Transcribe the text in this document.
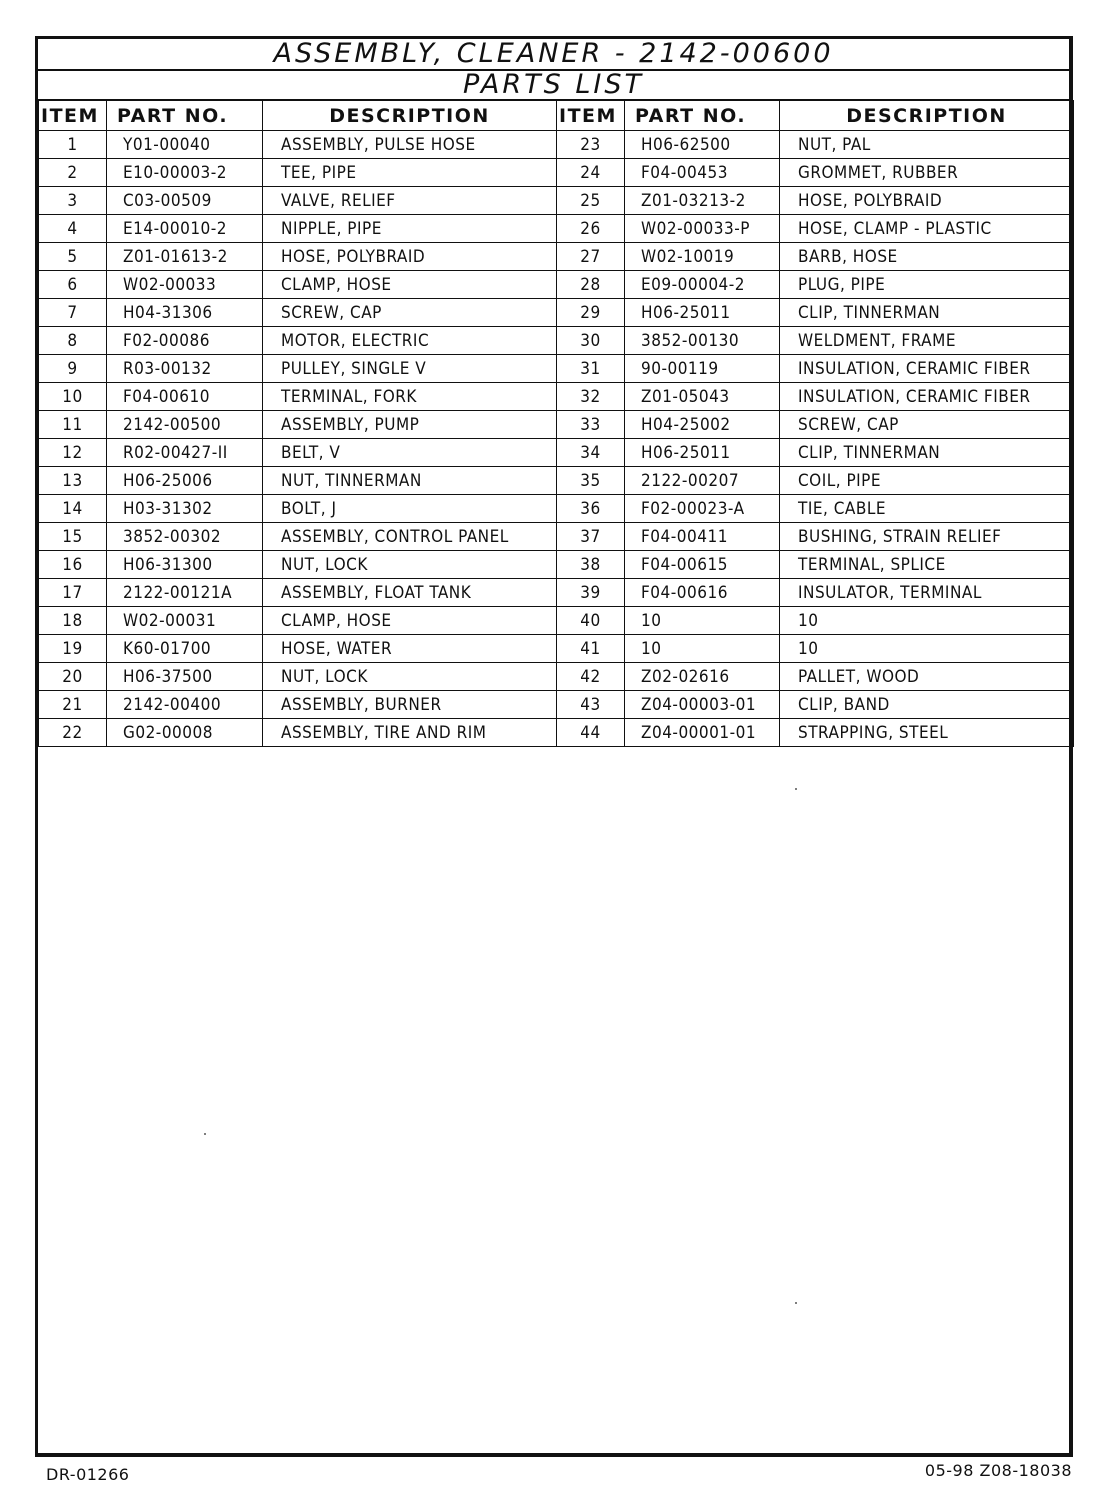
ASSEMBLY, CLEANER - 2142-00600
PARTS LIST
ITEM	PART NO.	DESCRIPTION	ITEM	PART NO.	DESCRIPTION
1	Y01-00040	ASSEMBLY, PULSE HOSE	23	H06-62500	NUT, PAL
2	E10-00003-2	TEE, PIPE	24	F04-00453	GROMMET, RUBBER
3	C03-00509	VALVE, RELIEF	25	Z01-03213-2	HOSE, POLYBRAID
4	E14-00010-2	NIPPLE, PIPE	26	W02-00033-P	HOSE, CLAMP - PLASTIC
5	Z01-01613-2	HOSE, POLYBRAID	27	W02-10019	BARB, HOSE
6	W02-00033	CLAMP, HOSE	28	E09-00004-2	PLUG, PIPE
7	H04-31306	SCREW, CAP	29	H06-25011	CLIP, TINNERMAN
8	F02-00086	MOTOR, ELECTRIC	30	3852-00130	WELDMENT, FRAME
9	R03-00132	PULLEY, SINGLE V	31	90-00119	INSULATION, CERAMIC FIBER
10	F04-00610	TERMINAL, FORK	32	Z01-05043	INSULATION, CERAMIC FIBER
11	2142-00500	ASSEMBLY, PUMP	33	H04-25002	SCREW, CAP
12	R02-00427-II	BELT, V	34	H06-25011	CLIP, TINNERMAN
13	H06-25006	NUT, TINNERMAN	35	2122-00207	COIL, PIPE
14	H03-31302	BOLT, J	36	F02-00023-A	TIE, CABLE
15	3852-00302	ASSEMBLY, CONTROL PANEL	37	F04-00411	BUSHING, STRAIN RELIEF
16	H06-31300	NUT, LOCK	38	F04-00615	TERMINAL, SPLICE
17	2122-00121A	ASSEMBLY, FLOAT TANK	39	F04-00616	INSULATOR, TERMINAL
18	W02-00031	CLAMP, HOSE	40	10	10
19	K60-01700	HOSE, WATER	41	10	10
20	H06-37500	NUT, LOCK	42	Z02-02616	PALLET, WOOD
21	2142-00400	ASSEMBLY, BURNER	43	Z04-00003-01	CLIP, BAND
22	G02-00008	ASSEMBLY, TIRE AND RIM	44	Z04-00001-01	STRAPPING, STEEL
DR-01266	05-98 Z08-18038
